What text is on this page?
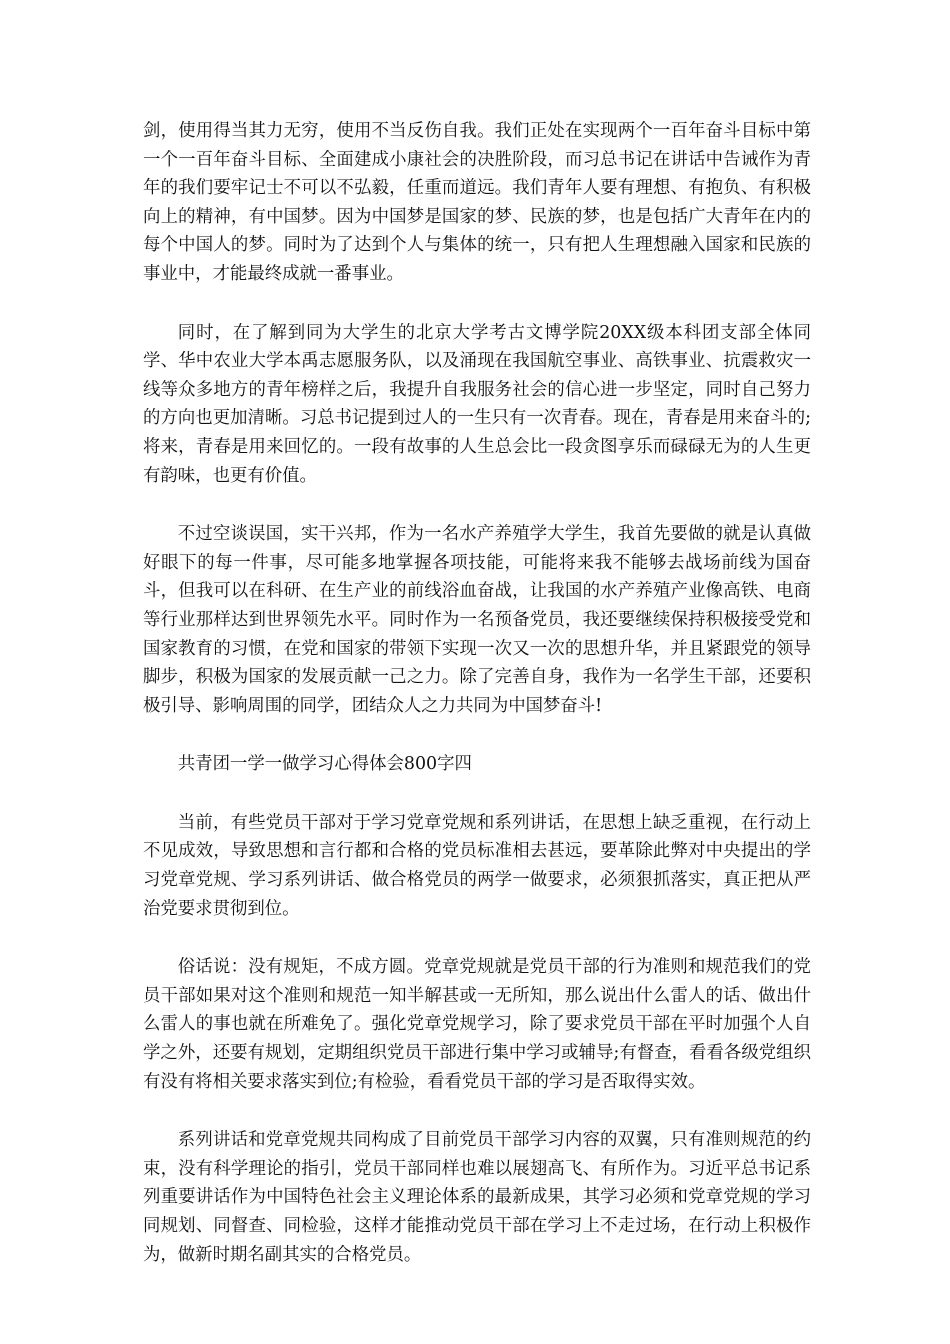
剑，使用得当其力无穷，使用不当反伤自我。我们正处在实现两个一百年奋斗目标中第一个一百年奋斗目标、全面建成小康社会的决胜阶段，而习总书记在讲话中告诫作为青年的我们要牢记士不可以不弘毅，任重而道远。我们青年人要有理想、有抱负、有积极向上的精神，有中国梦。因为中国梦是国家的梦、民族的梦，也是包括广大青年在内的每个中国人的梦。同时为了达到个人与集体的统一，只有把人生理想融入国家和民族的事业中，才能最终成就一番事业。

同时，在了解到同为大学生的北京大学考古文博学院20XX级本科团支部全体同学、华中农业大学本禹志愿服务队，以及涌现在我国航空事业、高铁事业、抗震救灾一线等众多地方的青年榜样之后，我提升自我服务社会的信心进一步坚定，同时自己努力的方向也更加清晰。习总书记提到过人的一生只有一次青春。现在，青春是用来奋斗的;将来，青春是用来回忆的。一段有故事的人生总会比一段贪图享乐而碌碌无为的人生更有韵味，也更有价值。

不过空谈误国，实干兴邦，作为一名水产养殖学大学生，我首先要做的就是认真做好眼下的每一件事，尽可能多地掌握各项技能，可能将来我不能够去战场前线为国奋斗，但我可以在科研、在生产业的前线浴血奋战，让我国的水产养殖产业像高铁、电商等行业那样达到世界领先水平。同时作为一名预备党员，我还要继续保持积极接受党和国家教育的习惯，在党和国家的带领下实现一次又一次的思想升华，并且紧跟党的领导脚步，积极为国家的发展贡献一己之力。除了完善自身，我作为一名学生干部，还要积极引导、影响周围的同学，团结众人之力共同为中国梦奋斗!

共青团一学一做学习心得体会800字四

当前，有些党员干部对于学习党章党规和系列讲话，在思想上缺乏重视，在行动上不见成效，导致思想和言行都和合格的党员标准相去甚远，要革除此弊对中央提出的学习党章党规、学习系列讲话、做合格党员的两学一做要求，必须狠抓落实，真正把从严治党要求贯彻到位。

俗话说：没有规矩，不成方圆。党章党规就是党员干部的行为准则和规范我们的党员干部如果对这个准则和规范一知半解甚或一无所知，那么说出什么雷人的话、做出什么雷人的事也就在所难免了。强化党章党规学习，除了要求党员干部在平时加强个人自学之外，还要有规划，定期组织党员干部进行集中学习或辅导;有督查，看看各级党组织有没有将相关要求落实到位;有检验，看看党员干部的学习是否取得实效。

系列讲话和党章党规共同构成了目前党员干部学习内容的双翼，只有准则规范的约束，没有科学理论的指引，党员干部同样也难以展翅高飞、有所作为。习近平总书记系列重要讲话作为中国特色社会主义理论体系的最新成果，其学习必须和党章党规的学习同规划、同督查、同检验，这样才能推动党员干部在学习上不走过场，在行动上积极作为，做新时期名副其实的合格党员。
